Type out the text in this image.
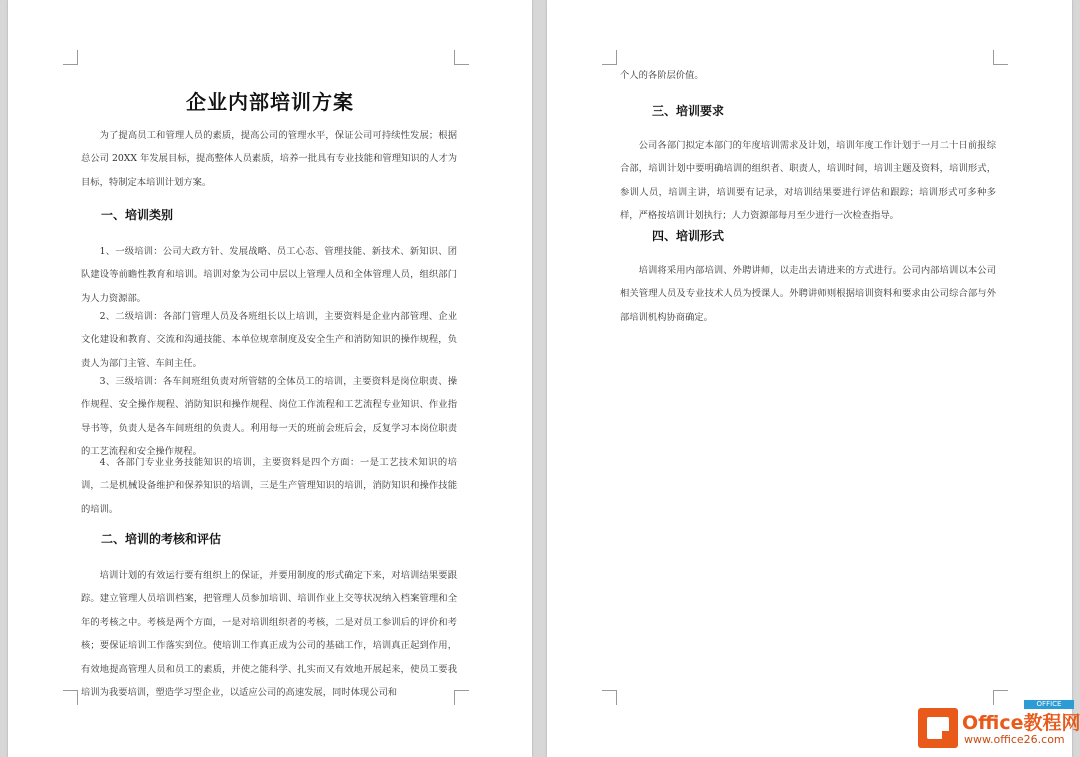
企业内部培训方案

为了提高员工和管理人员的素质，提高公司的管理水平，保证公司可持续性发展；根据总公司 20XX 年发展目标，提高整体人员素质，培养一批具有专业技能和管理知识的人才为目标，特制定本培训计划方案。

一、培训类别

1、一级培训：公司大政方针、发展战略、员工心态、管理技能、新技术、新知识、团队建设等前瞻性教育和培训。培训对象为公司中层以上管理人员和全体管理人员，组织部门为人力资源部。

2、二级培训：各部门管理人员及各班组长以上培训，主要资料是企业内部管理、企业文化建设和教育、交流和沟通技能、本单位规章制度及安全生产和消防知识的操作规程，负责人为部门主管、车间主任。

3、三级培训：各车间班组负责对所管辖的全体员工的培训，主要资料是岗位职责、操作规程、安全操作规程、消防知识和操作规程、岗位工作流程和工艺流程专业知识、作业指导书等，负责人是各车间班组的负责人。利用每一天的班前会班后会，反复学习本岗位职责的工艺流程和安全操作规程。

4、各部门专业业务技能知识的培训，主要资料是四个方面：一是工艺技术知识的培训，二是机械设备维护和保养知识的培训，三是生产管理知识的培训，消防知识和操作技能的培训。

二、培训的考核和评估

培训计划的有效运行要有组织上的保证，并要用制度的形式确定下来，对培训结果要跟踪。建立管理人员培训档案，把管理人员参加培训、培训作业上交等状况纳入档案管理和全年的考核之中。考核是两个方面，一是对培训组织者的考核，二是对员工参训后的评价和考核；要保证培训工作落实到位。使培训工作真正成为公司的基础工作，培训真正起到作用，有效地提高管理人员和员工的素质，并使之能科学、扎实而又有效地开展起来，使员工要我培训为我要培训，塑造学习型企业，以适应公司的高速发展，同时体现公司和

个人的各阶层价值。

三、培训要求

公司各部门拟定本部门的年度培训需求及计划，培训年度工作计划于一月二十日前报综合部，培训计划中要明确培训的组织者、职责人，培训时间，培训主题及资料，培训形式，参训人员，培训主讲，培训要有记录，对培训结果要进行评估和跟踪；培训形式可多种多样，严格按培训计划执行；人力资源部每月至少进行一次检查指导。

四、培训形式

培训将采用内部培训、外聘讲师，以走出去请进来的方式进行。公司内部培训以本公司相关管理人员及专业技术人员为授课人。外聘讲师则根据培训资料和要求由公司综合部与外部培训机构协商确定。

OFFICE
Office教程网
www.office26.com
